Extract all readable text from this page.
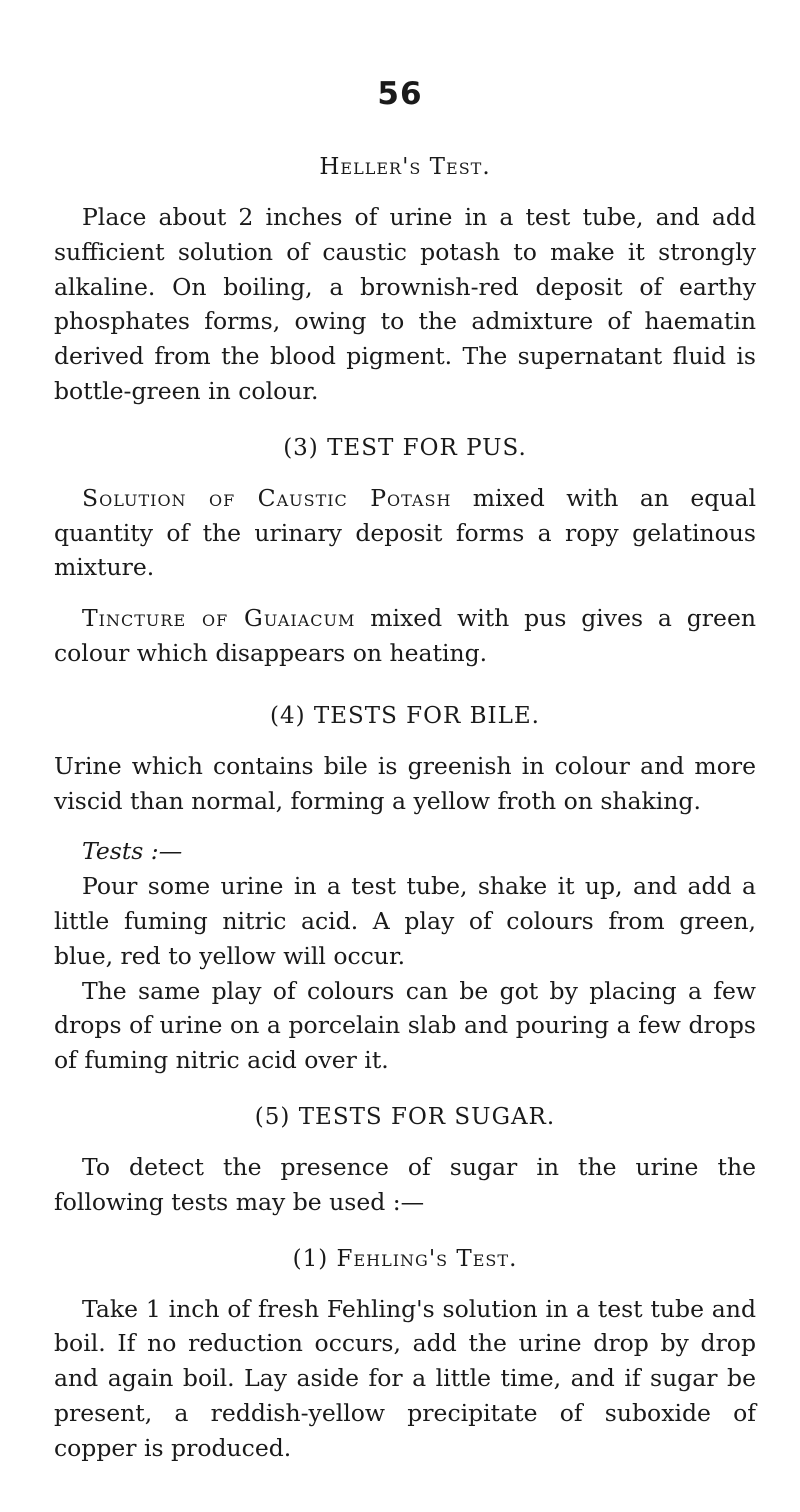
56
Heller's Test.

Place about 2 inches of urine in a test tube, and add sufficient solution of caustic potash to make it strongly alkaline. On boiling, a brownish-red deposit of earthy phosphates forms, owing to the admixture of haematin derived from the blood pigment. The supernatant fluid is bottle-green in colour.

(3) TEST FOR PUS.

Solution of Caustic Potash mixed with an equal quantity of the urinary deposit forms a ropy gelatinous mixture.

Tincture of Guaiacum mixed with pus gives a green colour which disappears on heating.

(4) TESTS FOR BILE.

Urine which contains bile is greenish in colour and more viscid than normal, forming a yellow froth on shaking.

Tests :—

Pour some urine in a test tube, shake it up, and add a little fuming nitric acid. A play of colours from green, blue, red to yellow will occur.

The same play of colours can be got by placing a few drops of urine on a porcelain slab and pouring a few drops of fuming nitric acid over it.

(5) TESTS FOR SUGAR.

To detect the presence of sugar in the urine the following tests may be used :—

(1) Fehling's Test.

Take 1 inch of fresh Fehling's solution in a test tube and boil. If no reduction occurs, add the urine drop by drop and again boil. Lay aside for a little time, and if sugar be present, a reddish-yellow precipitate of suboxide of copper is produced.
